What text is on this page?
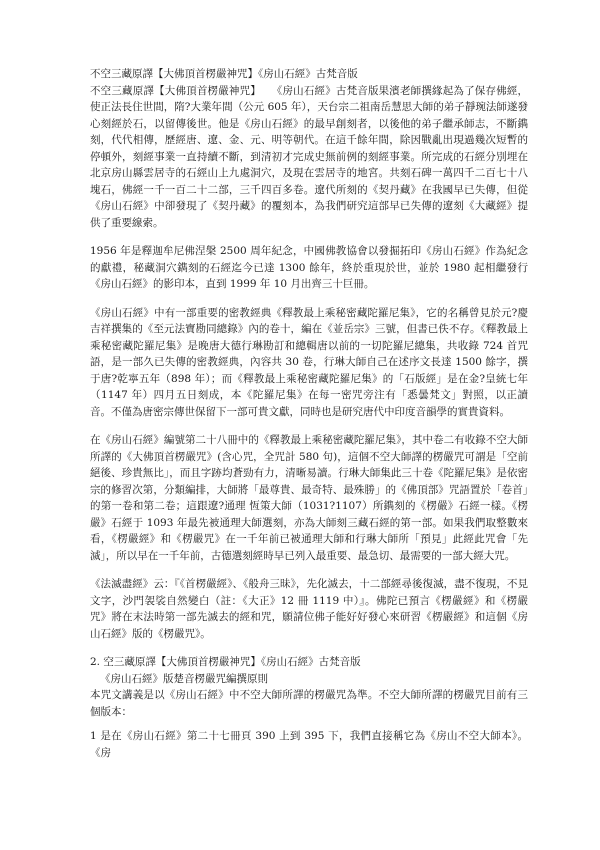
不空三藏原譯【大佛頂首楞嚴神咒】《房山石經》古梵音版

不空三藏原譯【大佛頂首楞嚴神咒】　　《房山石經》古梵音版果濱老師撰緣起為了保存佛經，使正法長住世間，隋?大業年間（公元 605 年），天台宗二祖南岳慧思大師的弟子靜琬法師遂發心刻經於石，以留傳後世。他是《房山石經》的最早創刻者，以後他的弟子繼承師志，不斷鐫刻，代代相傳，歷經唐、遼、金、元、明等朝代。在這千餘年間，除因戰亂出現過幾次短暫的停頓外，刻經事業一直持續不斷，到清初才完成史無前例的刻經事業。所完成的石經分別埋在北京房山縣雲居寺的石經山上九處洞穴，及現在雲居寺的地宮。共刻石碑一萬四千二百七十八塊石，佛經一千一百二十二部，三千四百多卷。遼代所刻的《契丹藏》在我國早已失傳，但從《房山石經》中卻發現了《契丹藏》的覆刻本，為我們研究這部早已失傳的遼刻《大藏經》提供了重要線索。

1956 年是釋迦牟尼佛涅槃 2500 周年紀念，中國佛教協會以發掘拓印《房山石經》作為紀念的獻禮，秘藏洞穴鐫刻的石經迄今已達 1300 餘年，終於重現於世，並於 1980 起相繼發行《房山石經》的影印本，直到 1999 年 10 月出齊三十巨冊。

《房山石經》中有一部重要的密教經典《釋教最上乘秘密藏陀羅尼集》，它的名稱曾見於元?慶吉祥撰集的《至元法寶勘同總錄》內的卷十，編在《並岳宗》三號，但書已佚不存。《釋教最上乘秘密藏陀羅尼集》是晚唐大德行琳勘訂和總輯唐以前的一切陀羅尼總集，共收錄 724 首咒語，是一部久已失傳的密教經典，內容共 30 卷，行琳大師自己在述序文長達 1500 餘字，撰于唐?乾寧五年（898 年）；而《釋教最上乘秘密藏陀羅尼集》的「石版經」是在金?皇統七年（1147 年）四月五日刻成，本《陀羅尼集》在每一密咒旁注有「悉曇梵文」對照，以正讀音。不僅為唐密宗傳世保留下一部可貴文獻，同時也是研究唐代中印度音韻學的實貴資料。

在《房山石經》編號第二十八冊中的《釋教最上乘秘密藏陀羅尼集》，其中卷二有收錄不空大師所譯的《大佛頂首楞嚴咒》(含心咒，全咒計 580 句)，這個不空大師譯的楞嚴咒可謂是「空前絕後、珍貴無比」，而且字跡均蒼勁有力，清晰易讀。行琳大師集此三十卷《陀羅尼集》是依密宗的修習次第，分類編排，大師將「最尊貴、最奇特、最殊勝」的《佛頂部》咒語置於「卷首」的第一卷和第二卷；這跟遼?通理 恆策大師（1031?1107）所鐫刻的《楞嚴》石經一樣。《楞嚴》石經于 1093 年最先被通理大師選刻，亦為大師刻三藏石經的第一部。如果我們取整數來看，《楞嚴經》和《楞嚴咒》在一千年前已被通理大師和行琳大師所「預見」此經此咒會「先滅」，所以早在一千年前，古德選刻經時早已列入最重要、最急切、最需要的一部大經大咒。

《法滅盡經》云：『《首楞嚴經》、《般舟三昧》，先化滅去，十二部經尋後復滅，盡不復現，不見文字，沙門袈裟自然變白（註：《大正》12 冊 1119 中）』。佛陀已預言《楞嚴經》和《楞嚴咒》將在末法時第一部先滅去的經和咒，願請位佛子能好好發心來研習《楞嚴經》和這個《房山石經》版的《楞嚴咒》。

2. 空三藏原譯【大佛頂首楞嚴神咒】《房山石經》古梵音版

《房山石經》版楚音楞嚴咒編撰原則

本咒文講義是以《房山石經》中不空大師所譯的楞嚴咒為準。不空大師所譯的楞嚴咒目前有三個版本：

1 是在《房山石經》第二十七冊頁 390 上到 395 下，我們直接稱它為《房山不空大師本》。《房
